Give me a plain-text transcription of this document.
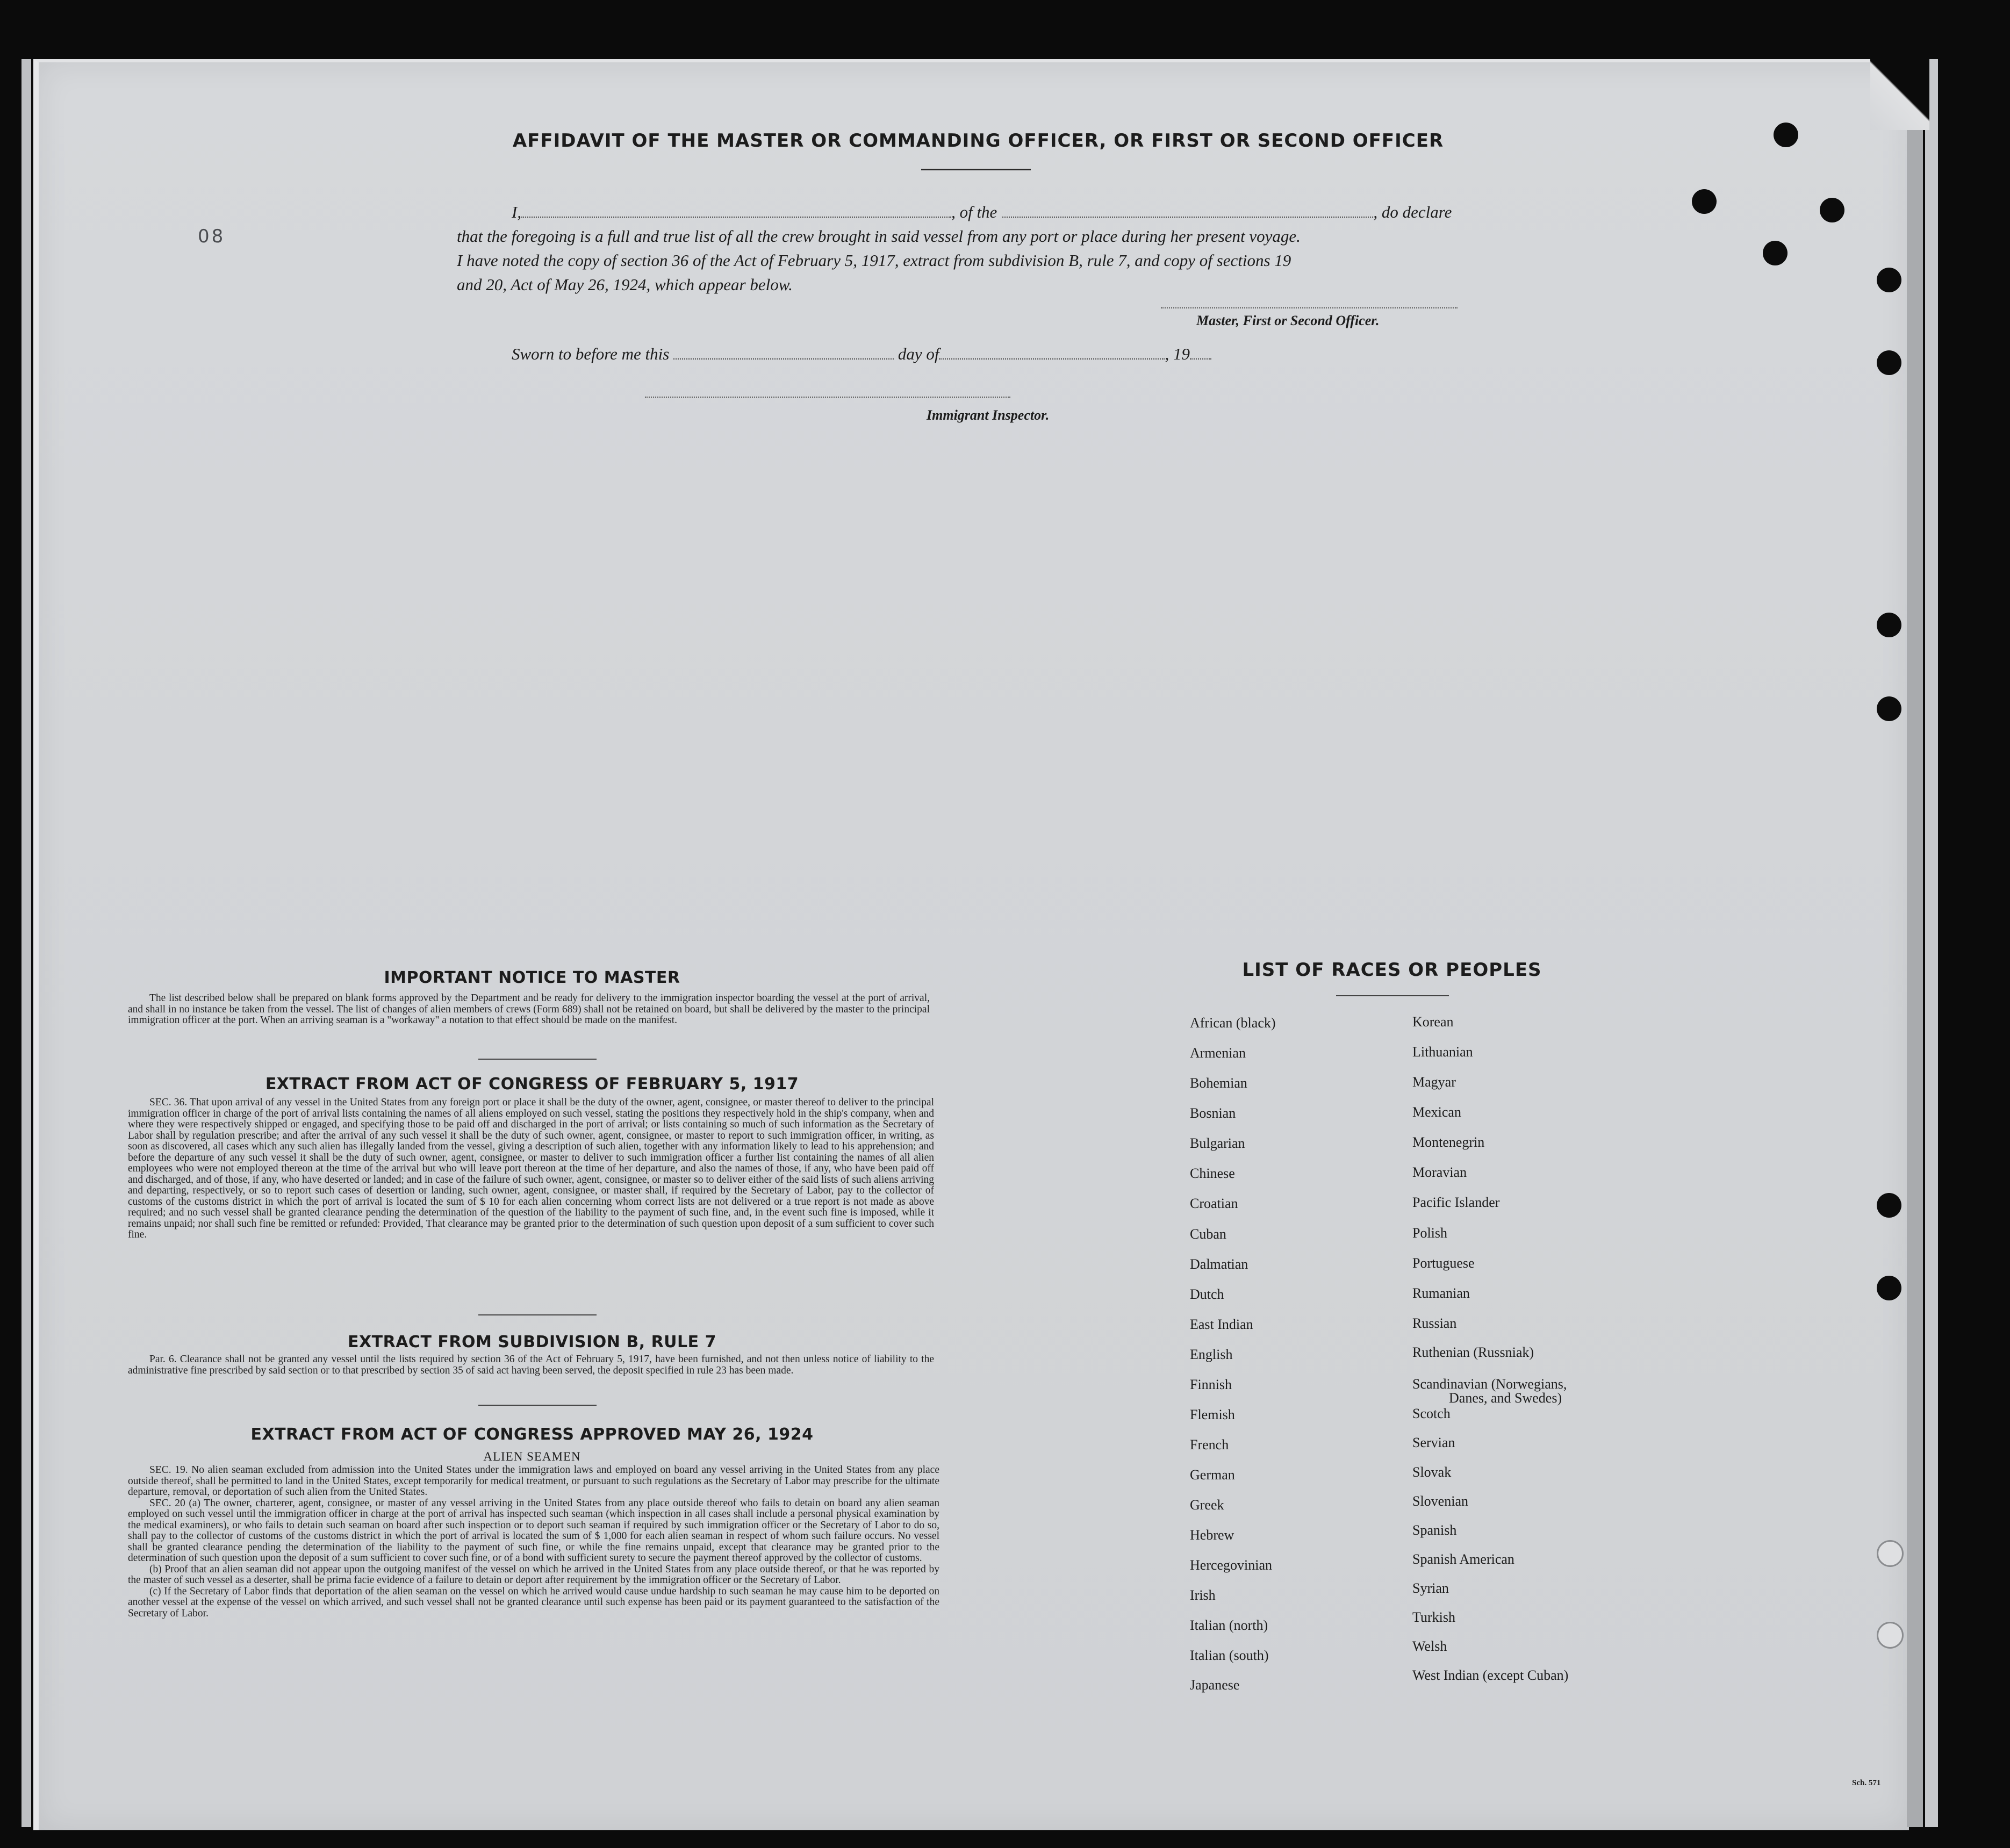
08
AFFIDAVIT OF THE MASTER OR COMMANDING OFFICER, OR FIRST OR SECOND OFFICER
I,	, of the	, do declare
that the foregoing is a full and true list of all the crew brought in said vessel from any port or place during her present voyage.
I have noted the copy of section 36 of the Act of February 5, 1917, extract from subdivision B, rule 7, and copy of sections 19
and 20, Act of May 26, 1924, which appear below.
Master, First or Second Officer.
Sworn to before me this	day of	, 19
Immigrant Inspector.
IMPORTANT NOTICE TO MASTER

The list described below shall be prepared on blank forms approved by the Department and be ready for delivery to the immigration inspector boarding the vessel at the port of arrival, and shall in no instance be taken from the vessel. The list of changes of alien members of crews (Form 689) shall not be retained on board, but shall be delivered by the master to the principal immigration officer at the port. When an arriving seaman is a "workaway" a notation to that effect should be made on the manifest.

EXTRACT FROM ACT OF CONGRESS OF FEBRUARY 5, 1917

SEC. 36. That upon arrival of any vessel in the United States from any foreign port or place it shall be the duty of the owner, agent, consignee, or master thereof to deliver to the principal immigration officer in charge of the port of arrival lists containing the names of all aliens employed on such vessel, stating the positions they respectively hold in the ship's company, when and where they were respectively shipped or engaged, and specifying those to be paid off and discharged in the port of arrival; or lists containing so much of such information as the Secretary of Labor shall by regulation prescribe; and after the arrival of any such vessel it shall be the duty of such owner, agent, consignee, or master to report to such immigration officer, in writing, as soon as discovered, all cases which any such alien has illegally landed from the vessel, giving a description of such alien, together with any information likely to lead to his apprehension; and before the departure of any such vessel it shall be the duty of such owner, agent, consignee, or master to deliver to such immigration officer a further list containing the names of all alien employees who were not employed thereon at the time of the arrival but who will leave port thereon at the time of her departure, and also the names of those, if any, who have been paid off and discharged, and of those, if any, who have deserted or landed; and in case of the failure of such owner, agent, consignee, or master so to deliver either of the said lists of such aliens arriving and departing, respectively, or so to report such cases of desertion or landing, such owner, agent, consignee, or master shall, if required by the Secretary of Labor, pay to the collector of customs of the customs district in which the port of arrival is located the sum of $ 10 for each alien concerning whom correct lists are not delivered or a true report is not made as above required; and no such vessel shall be granted clearance pending the determination of the question of the liability to the payment of such fine, and, in the event such fine is imposed, while it remains unpaid; nor shall such fine be remitted or refunded: Provided, That clearance may be granted prior to the determination of such question upon deposit of a sum sufficient to cover such fine.

EXTRACT FROM SUBDIVISION B, RULE 7

Par. 6. Clearance shall not be granted any vessel until the lists required by section 36 of the Act of February 5, 1917, have been furnished, and not then unless notice of liability to the administrative fine prescribed by said section or to that prescribed by section 35 of said act having been served, the deposit specified in rule 23 has been made.

EXTRACT FROM ACT OF CONGRESS APPROVED MAY 26, 1924
ALIEN SEAMEN

SEC. 19. No alien seaman excluded from admission into the United States under the immigration laws and employed on board any vessel arriving in the United States from any place outside thereof, shall be permitted to land in the United States, except temporarily for medical treatment, or pursuant to such regulations as the Secretary of Labor may prescribe for the ultimate departure, removal, or deportation of such alien from the United States.

SEC. 20 (a) The owner, charterer, agent, consignee, or master of any vessel arriving in the United States from any place outside thereof who fails to detain on board any alien seaman employed on such vessel until the immigration officer in charge at the port of arrival has inspected such seaman (which inspection in all cases shall include a personal physical examination by the medical examiners), or who fails to detain such seaman on board after such inspection or to deport such seaman if required by such immigration officer or the Secretary of Labor to do so, shall pay to the collector of customs of the customs district in which the port of arrival is located the sum of $ 1,000 for each alien seaman in respect of whom such failure occurs. No vessel shall be granted clearance pending the determination of the liability to the payment of such fine, or while the fine remains unpaid, except that clearance may be granted prior to the determination of such question upon the deposit of a sum sufficient to cover such fine, or of a bond with sufficient surety to secure the payment thereof approved by the collector of customs.

(b) Proof that an alien seaman did not appear upon the outgoing manifest of the vessel on which he arrived in the United States from any place outside thereof, or that he was reported by the master of such vessel as a deserter, shall be prima facie evidence of a failure to detain or deport after requirement by the immigration officer or the Secretary of Labor.

(c) If the Secretary of Labor finds that deportation of the alien seaman on the vessel on which he arrived would cause undue hardship to such seaman he may cause him to be deported on another vessel at the expense of the vessel on which arrived, and such vessel shall not be granted clearance until such expense has been paid or its payment guaranteed to the satisfaction of the Secretary of Labor.

LIST OF RACES OR PEOPLES
African (black)
Armenian
Bohemian
Bosnian
Bulgarian
Chinese
Croatian
Cuban
Dalmatian
Dutch
East Indian
English
Finnish
Flemish
French
German
Greek
Hebrew
Hercegovinian
Irish
Italian (north)
Italian (south)
Japanese
Korean
Lithuanian
Magyar
Mexican
Montenegrin
Moravian
Pacific Islander
Polish
Portuguese
Rumanian
Russian
Ruthenian (Russniak)
Scandinavian (Norwegians,
Danes, and Swedes)
Scotch
Servian
Slovak
Slovenian
Spanish
Spanish American
Syrian
Turkish
Welsh
West Indian (except Cuban)
Sch. 571
